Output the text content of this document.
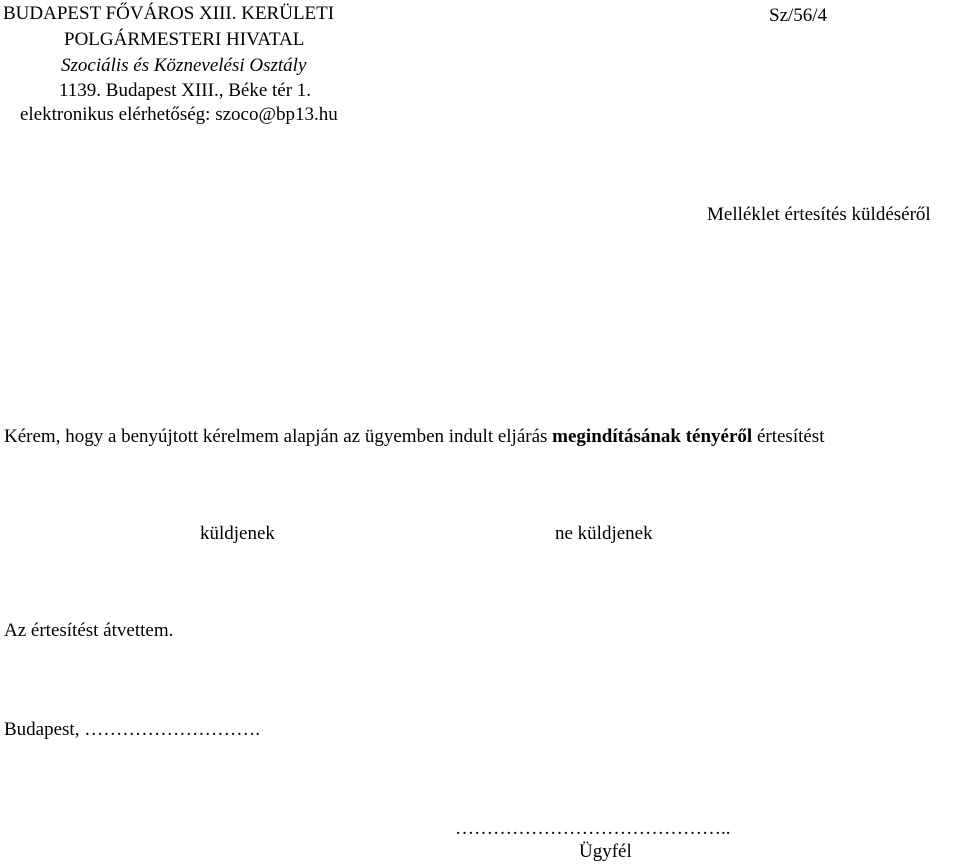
BUDAPEST FŐVÁROS XIII. KERÜLETI
POLGÁRMESTERI HIVATAL
Szociális és Köznevelési Osztály
1139. Budapest XIII., Béke tér 1.
elektronikus elérhetőség: szoco@bp13.hu
Sz/56/4
Melléklet értesítés küldéséről
Kérem, hogy a benyújtott kérelmem alapján az ügyemben indult eljárás megindításának tényéről értesítést
küldjenek	ne küldjenek
Az értesítést átvettem.
Budapest, ……………………….
……………………………………..
Ügyfél
